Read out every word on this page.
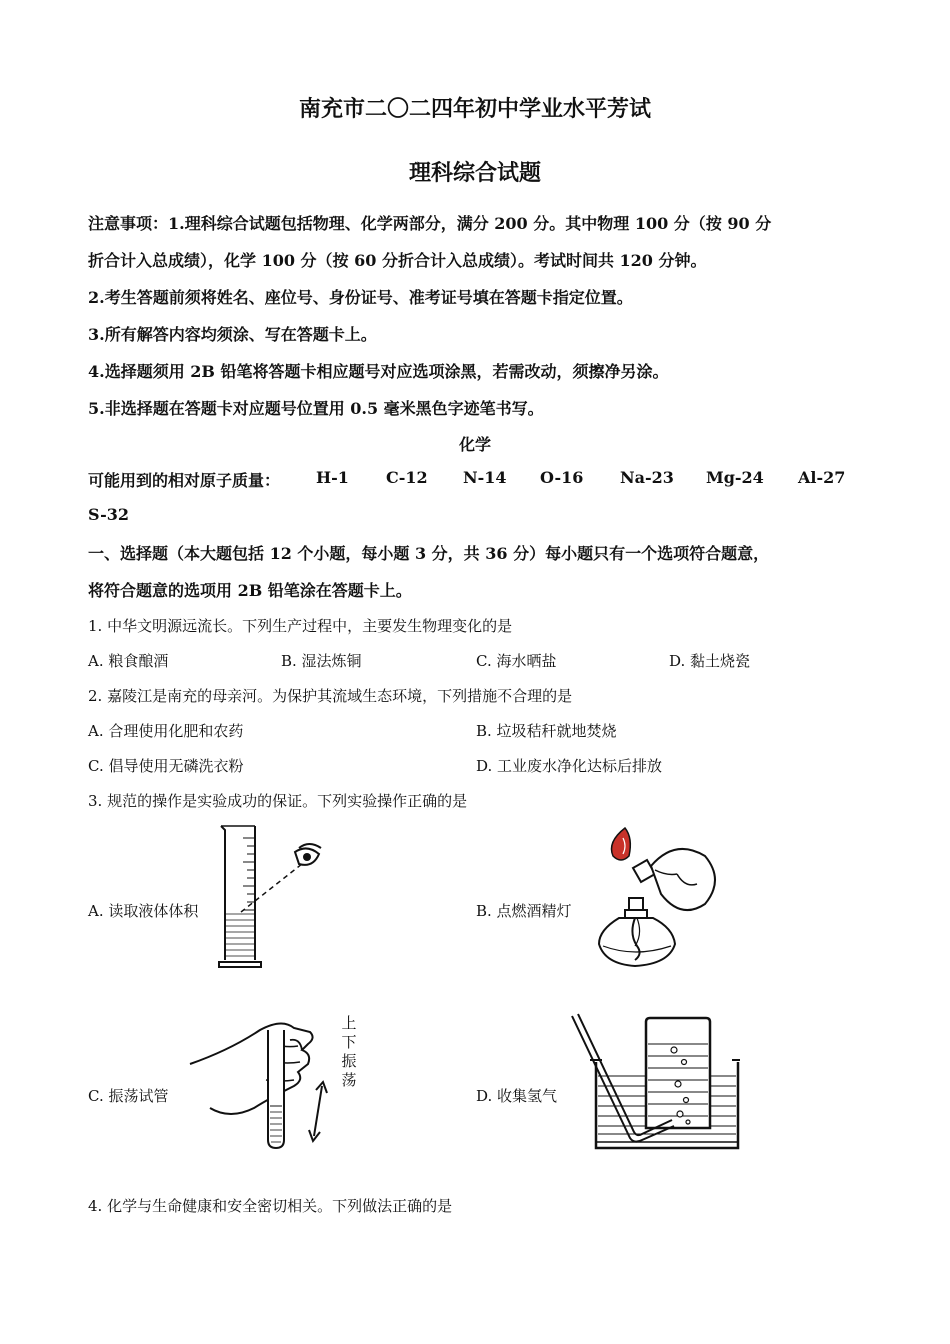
南充市二〇二四年初中学业水平芳试
理科综合试题
注意事项：1.理科综合试题包括物理、化学两部分，满分 200 分。其中物理 100 分（按 90 分
折合计入总成绩），化学 100 分（按 60 分折合计入总成绩）。考试时间共 120 分钟。
2.考生答题前须将姓名、座位号、身份证号、准考证号填在答题卡指定位置。
3.所有解答内容均须涂、写在答题卡上。
4.选择题须用 2B 铅笔将答题卡相应题号对应选项涂黑，若需改动，须擦净另涂。
5.非选择题在答题卡对应题号位置用 0.5 毫米黑色字迹笔书写。
化学
可能用到的相对原子质量： H-1 C-12 N-14 O-16 Na-23 Mg-24 Al-27
S-32
一、选择题（本大题包括 12 个小题，每小题 3 分，共 36 分）每小题只有一个选项符合题意，
将符合题意的选项用 2B 铅笔涂在答题卡上。
1. 中华文明源远流长。下列生产过程中，主要发生物理变化的是
A. 粮食酿酒	B. 湿法炼铜	C. 海水晒盐	D. 黏土烧瓷
2. 嘉陵江是南充的母亲河。为保护其流域生态环境，下列措施不合理的是
A. 合理使用化肥和农药	B. 垃圾秸秆就地焚烧
C. 倡导使用无磷洗衣粉	D. 工业废水净化达标后排放
3. 规范的操作是实验成功的保证。下列实验操作正确的是
A. 读取液体体积	B. 点燃酒精灯
C. 振荡试管	D. 收集氢气
上
下
振
荡
4. 化学与生命健康和安全密切相关。下列做法正确的是
